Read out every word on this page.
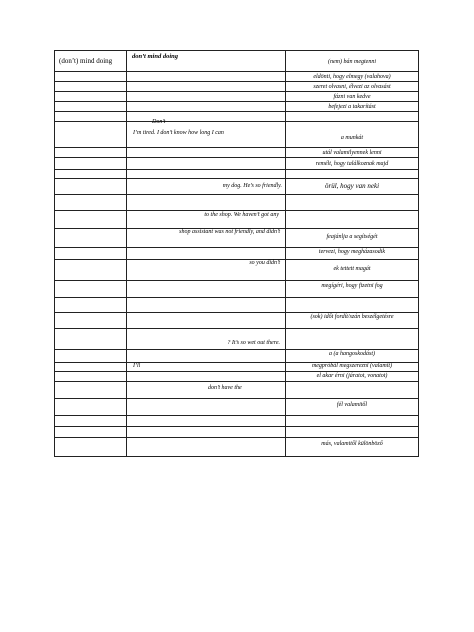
(don’t) mind doing
don’t mind doing
(nem) bán megtenni
Don’t
I’m tired. I don’t know how long I can
my dog. He’s so friendly.
to the shop. We haven’t got any
shop assistant was not friendly, and didn’t
so you didn’t
? It’s so wet out there.
I’ll
don’t have the
eldönti, hogy elmegy (valahova)
szeret olvasni, élvezi az olvasást
fázni van kedve
befejezi a takarítást
a munkát
utál valamilyennek lenni
remélt, hogy találkoznak majd
örül, hogy van neki
feajánlja a segítségét
tervezi, hogy megházasodik
ek tettett magát
megígéri, hogy fizetni fog
(sok) időt fordít/szán beszélgetésre
a (a hangoskodást)
megpróbál megszerezni (valamit)
el akar érni (járatot, vonatot)
fél valamitől
más, valamitől különböző
